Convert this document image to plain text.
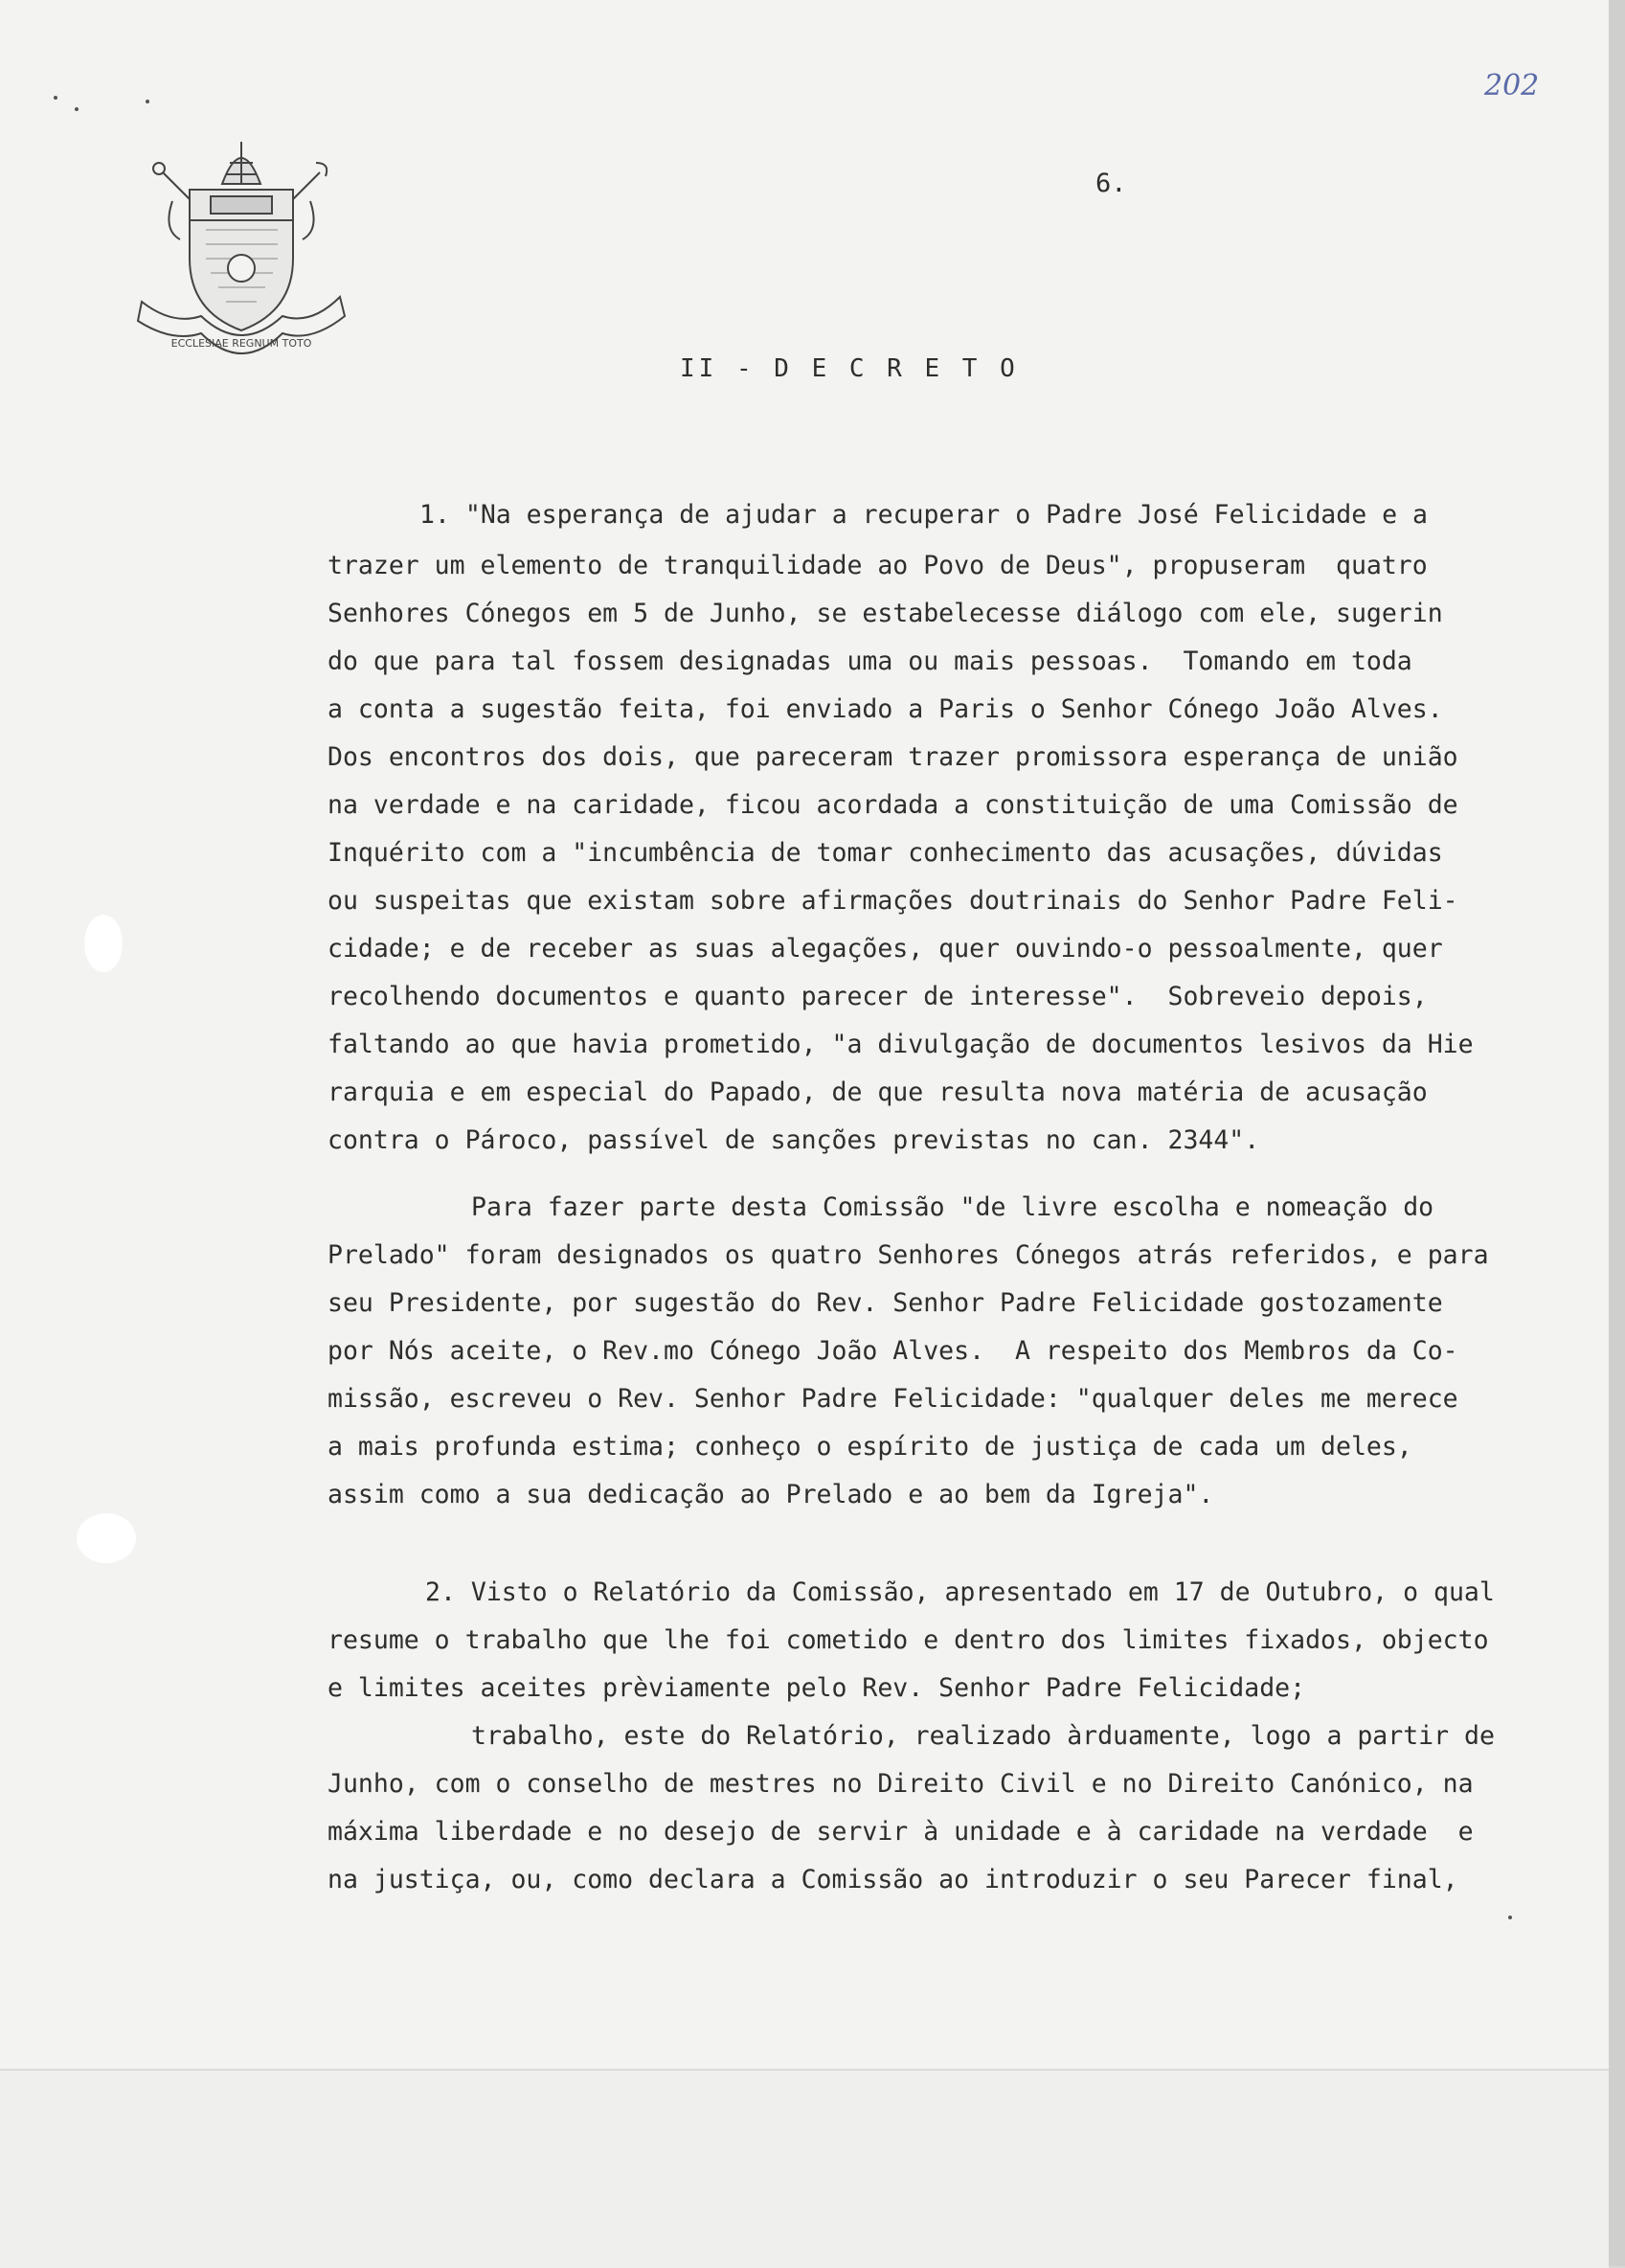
ECCLESIAE REGNUM TOTO
202
6.
II - D E C R E T O
1. "Na esperança de ajudar a recuperar o Padre José Felicidade e a
trazer um elemento de tranquilidade ao Povo de Deus", propuseram  quatro
Senhores Cónegos em 5 de Junho, se estabelecesse diálogo com ele, sugerin
do que para tal fossem designadas uma ou mais pessoas.  Tomando em toda
a conta a sugestão feita, foi enviado a Paris o Senhor Cónego João Alves.
Dos encontros dos dois, que pareceram trazer promissora esperança de união
na verdade e na caridade, ficou acordada a constituição de uma Comissão de
Inquérito com a "incumbência de tomar conhecimento das acusações, dúvidas
ou suspeitas que existam sobre afirmações doutrinais do Senhor Padre Feli-
cidade; e de receber as suas alegações, quer ouvindo-o pessoalmente, quer
recolhendo documentos e quanto parecer de interesse".  Sobreveio depois,
faltando ao que havia prometido, "a divulgação de documentos lesivos da Hie
rarquia e em especial do Papado, de que resulta nova matéria de acusação
contra o Pároco, passível de sanções previstas no can. 2344".
Para fazer parte desta Comissão "de livre escolha e nomeação do
Prelado" foram designados os quatro Senhores Cónegos atrás referidos, e para
seu Presidente, por sugestão do Rev. Senhor Padre Felicidade gostozamente
por Nós aceite, o Rev.mo Cónego João Alves.  A respeito dos Membros da Co-
missão, escreveu o Rev. Senhor Padre Felicidade: "qualquer deles me merece
a mais profunda estima; conheço o espírito de justiça de cada um deles,
assim como a sua dedicação ao Prelado e ao bem da Igreja".
2. Visto o Relatório da Comissão, apresentado em 17 de Outubro, o qual
resume o trabalho que lhe foi cometido e dentro dos limites fixados, objecto
e limites aceites prèviamente pelo Rev. Senhor Padre Felicidade;
trabalho, este do Relatório, realizado àrduamente, logo a partir de
Junho, com o conselho de mestres no Direito Civil e no Direito Canónico, na
máxima liberdade e no desejo de servir à unidade e à caridade na verdade  e
na justiça, ou, como declara a Comissão ao introduzir o seu Parecer final,
